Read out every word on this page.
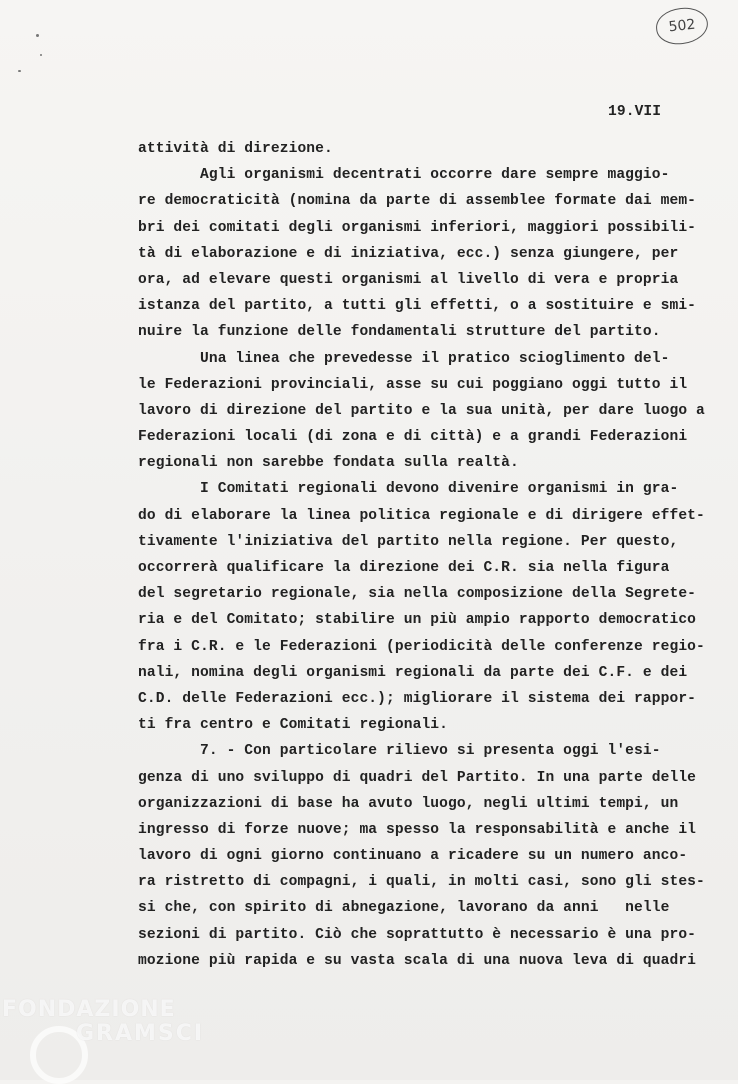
502
19.VII
attività di direzione.
Agli organismi decentrati occorre dare sempre maggio-
re democraticità (nomina da parte di assemblee formate dai mem-
bri dei comitati degli organismi inferiori, maggiori possibili-
tà di elaborazione e di iniziativa, ecc.) senza giungere, per
ora, ad elevare questi organismi al livello di vera e propria
istanza del partito, a tutti gli effetti, o a sostituire e smi-
nuire la funzione delle fondamentali strutture del partito.
Una linea che prevedesse il pratico scioglimento del-
le Federazioni provinciali, asse su cui poggiano oggi tutto il
lavoro di direzione del partito e la sua unità, per dare luogo a
Federazioni locali (di zona e di città) e a grandi Federazioni
regionali non sarebbe fondata sulla realtà.
I Comitati regionali devono divenire organismi in gra-
do di elaborare la linea politica regionale e di dirigere effet-
tivamente l'iniziativa del partito nella regione. Per questo,
occorrerà qualificare la direzione dei C.R. sia nella figura
del segretario regionale, sia nella composizione della Segrete-
ria e del Comitato; stabilire un più ampio rapporto democratico
fra i C.R. e le Federazioni (periodicità delle conferenze regio-
nali, nomina degli organismi regionali da parte dei C.F. e dei
C.D. delle Federazioni ecc.); migliorare il sistema dei rappor-
ti fra centro e Comitati regionali.
7. - Con particolare rilievo si presenta oggi l'esi-
genza di uno sviluppo di quadri del Partito. In una parte delle
organizzazioni di base ha avuto luogo, negli ultimi tempi, un
ingresso di forze nuove; ma spesso la responsabilità e anche il
lavoro di ogni giorno continuano a ricadere su un numero anco-
ra ristretto di compagni, i quali, in molti casi, sono gli stes-
si che, con spirito di abnegazione, lavorano da anni   nelle
sezioni di partito. Ciò che soprattutto è necessario è una pro-
mozione più rapida e su vasta scala di una nuova leva di quadri
FONDAZIONE
GRAMSCI
